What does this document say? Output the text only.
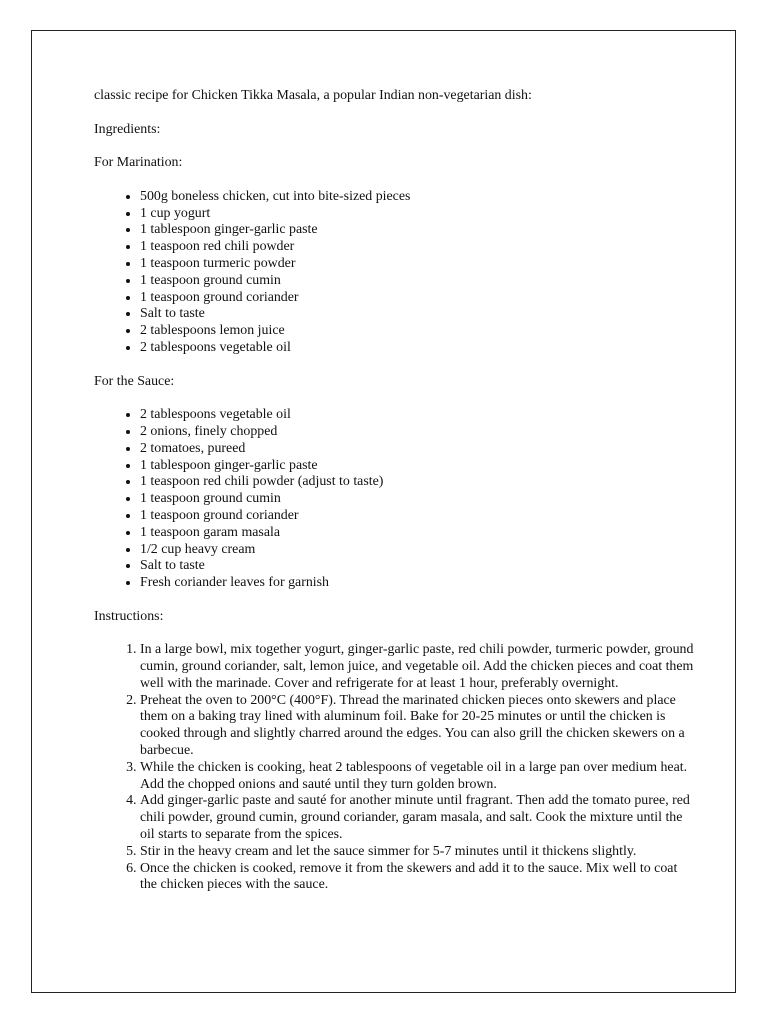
classic recipe for Chicken Tikka Masala, a popular Indian non-vegetarian dish:

Ingredients:

For Marination:

• 500g boneless chicken, cut into bite-sized pieces
• 1 cup yogurt
• 1 tablespoon ginger-garlic paste
• 1 teaspoon red chili powder
• 1 teaspoon turmeric powder
• 1 teaspoon ground cumin
• 1 teaspoon ground coriander
• Salt to taste
• 2 tablespoons lemon juice
• 2 tablespoons vegetable oil

For the Sauce:

• 2 tablespoons vegetable oil
• 2 onions, finely chopped
• 2 tomatoes, pureed
• 1 tablespoon ginger-garlic paste
• 1 teaspoon red chili powder (adjust to taste)
• 1 teaspoon ground cumin
• 1 teaspoon ground coriander
• 1 teaspoon garam masala
• 1/2 cup heavy cream
• Salt to taste
• Fresh coriander leaves for garnish

Instructions:

1. In a large bowl, mix together yogurt, ginger-garlic paste, red chili powder, turmeric powder, ground cumin, ground coriander, salt, lemon juice, and vegetable oil. Add the chicken pieces and coat them well with the marinade. Cover and refrigerate for at least 1 hour, preferably overnight.
2. Preheat the oven to 200°C (400°F). Thread the marinated chicken pieces onto skewers and place them on a baking tray lined with aluminum foil. Bake for 20-25 minutes or until the chicken is cooked through and slightly charred around the edges. You can also grill the chicken skewers on a barbecue.
3. While the chicken is cooking, heat 2 tablespoons of vegetable oil in a large pan over medium heat. Add the chopped onions and sauté until they turn golden brown.
4. Add ginger-garlic paste and sauté for another minute until fragrant. Then add the tomato puree, red chili powder, ground cumin, ground coriander, garam masala, and salt. Cook the mixture until the oil starts to separate from the spices.
5. Stir in the heavy cream and let the sauce simmer for 5-7 minutes until it thickens slightly.
6. Once the chicken is cooked, remove it from the skewers and add it to the sauce. Mix well to coat the chicken pieces with the sauce.
